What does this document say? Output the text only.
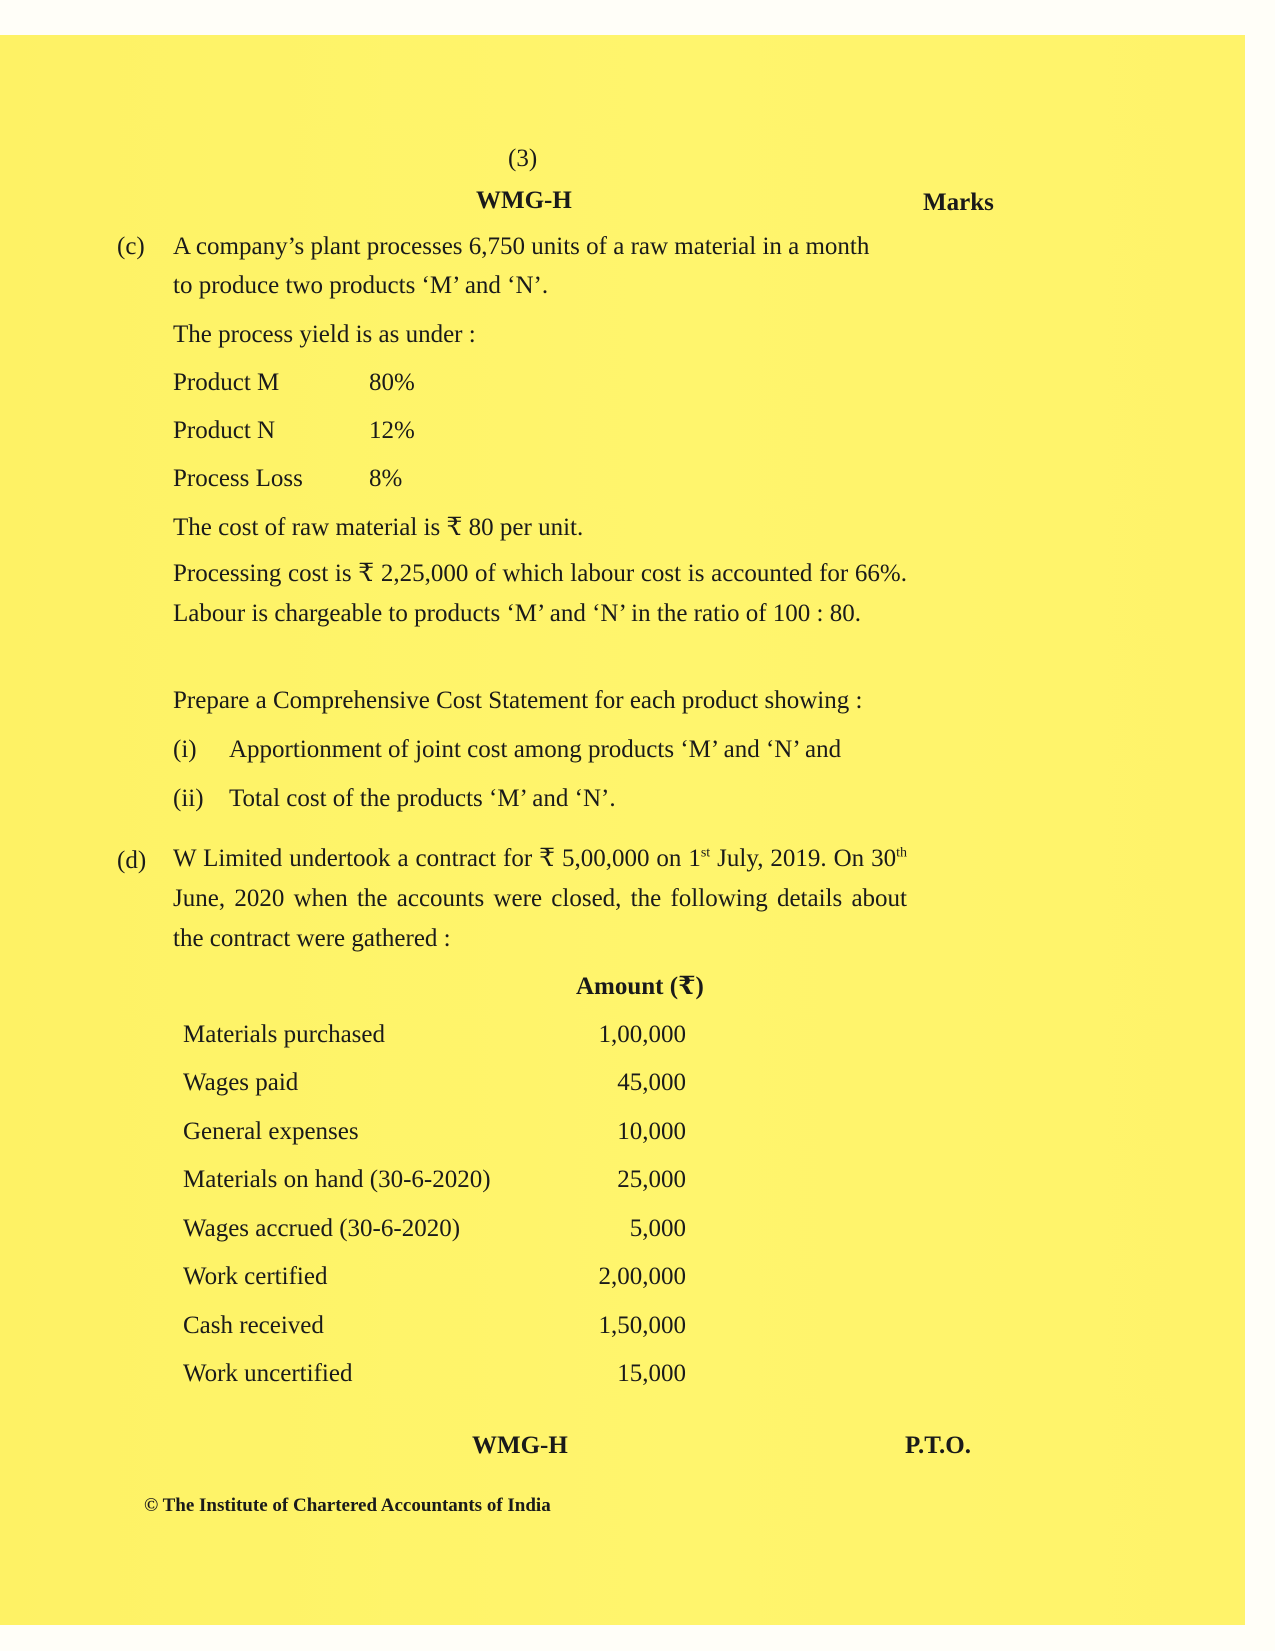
(3)
WMG-H	Marks
(c) A company’s plant processes 6,750 units of a raw material in a month
to produce two products ‘M’ and ‘N’.
The process yield is as under :
Product M	80%
Product N	12%
Process Loss	8%
The cost of raw material is ₹ 80 per unit.
Processing cost is ₹ 2,25,000 of which labour cost is accounted for 66%. Labour is chargeable to products ‘M’ and ‘N’ in the ratio of 100 : 80.
Prepare a Comprehensive Cost Statement for each product showing :
(i) Apportionment of joint cost among products ‘M’ and ‘N’ and
(ii) Total cost of the products ‘M’ and ‘N’.
(d) W Limited undertook a contract for ₹ 5,00,000 on 1st July, 2019. On 30th June, 2020 when the accounts were closed, the following details about the contract were gathered :
Amount (₹)
Materials purchased	1,00,000
Wages paid	45,000
General expenses	10,000
Materials on hand (30-6-2020)	25,000
Wages accrued (30-6-2020)	5,000
Work certified	2,00,000
Cash received	1,50,000
Work uncertified	15,000
WMG-H	P.T.O.
© The Institute of Chartered Accountants of India
